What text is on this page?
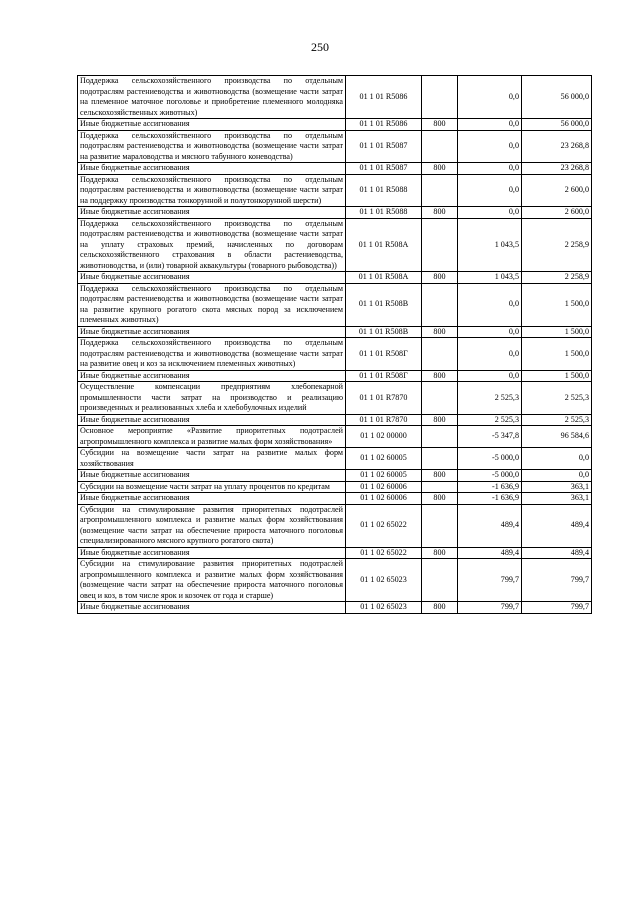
250
Поддержка сельскохозяйственного производства по отдельным подотраслям растениеводства и животноводства (возмещение части затрат на племенное маточное поголовье и приобретение племенного молодняка сельскохозяйственных животных)	01 1 01 R5086		0,0	56 000,0
Иные бюджетные ассигнования	01 1 01 R5086	800	0,0	56 000,0
Поддержка сельскохозяйственного производства по отдельным подотраслям растениеводства и животноводства (возмещение части затрат на развитие мараловодства и мясного табунного коневодства)	01 1 01 R5087		0,0	23 268,8
Иные бюджетные ассигнования	01 1 01 R5087	800	0,0	23 268,8
Поддержка сельскохозяйственного производства по отдельным подотраслям растениеводства и животноводства (возмещение части затрат на поддержку производства тонкорунной и полутонкорунной шерсти)	01 1 01 R5088		0,0	2 600,0
Иные бюджетные ассигнования	01 1 01 R5088	800	0,0	2 600,0
Поддержка сельскохозяйственного производства по отдельным подотраслям растениеводства и животноводства (возмещение части затрат на уплату страховых премий, начисленных по договорам сельскохозяйственного страхования в области растениеводства, животноводства, и (или) товарной аквакультуры (товарного рыбоводства))	01 1 01 R508A		1 043,5	2 258,9
Иные бюджетные ассигнования	01 1 01 R508A	800	1 043,5	2 258,9
Поддержка сельскохозяйственного производства по отдельным подотраслям растениеводства и животноводства (возмещение части затрат на развитие крупного рогатого скота мясных пород за исключением племенных животных)	01 1 01 R508B		0,0	1 500,0
Иные бюджетные ассигнования	01 1 01 R508B	800	0,0	1 500,0
Поддержка сельскохозяйственного производства по отдельным подотраслям растениеводства и животноводства (возмещение части затрат на развитие овец и коз за исключением племенных животных)	01 1 01 R508Г		0,0	1 500,0
Иные бюджетные ассигнования	01 1 01 R508Г	800	0,0	1 500,0
Осуществление компенсации предприятиям хлебопекарной промышленности части затрат на производство и реализацию произведенных и реализованных хлеба и хлебобулочных изделий	01 1 01 R7870		2 525,3	2 525,3
Иные бюджетные ассигнования	01 1 01 R7870	800	2 525,3	2 525,3
Основное мероприятие «Развитие приоритетных подотраслей агропромышленного комплекса и развитие малых форм хозяйствования»	01 1 02 00000		-5 347,8	96 584,6
Субсидии на возмещение части затрат на развитие малых форм хозяйствования	01 1 02 60005		-5 000,0	0,0
Иные бюджетные ассигнования	01 1 02 60005	800	-5 000,0	0,0
Субсидии на возмещение части затрат на уплату процентов по кредитам	01 1 02 60006		-1 636,9	363,1
Иные бюджетные ассигнования	01 1 02 60006	800	-1 636,9	363,1
Субсидии на стимулирование развития приоритетных подотраслей агропромышленного комплекса и развитие малых форм хозяйствования (возмещение части затрат на обеспечение прироста маточного поголовья специализированного мясного крупного рогатого скота)	01 1 02 65022		489,4	489,4
Иные бюджетные ассигнования	01 1 02 65022	800	489,4	489,4
Субсидии на стимулирование развития приоритетных подотраслей агропромышленного комплекса и развитие малых форм хозяйствования (возмещение части затрат на обеспечение прироста маточного поголовья овец и коз, в том числе ярок и козочек от года и старше)	01 1 02 65023		799,7	799,7
Иные бюджетные ассигнования	01 1 02 65023	800	799,7	799,7
